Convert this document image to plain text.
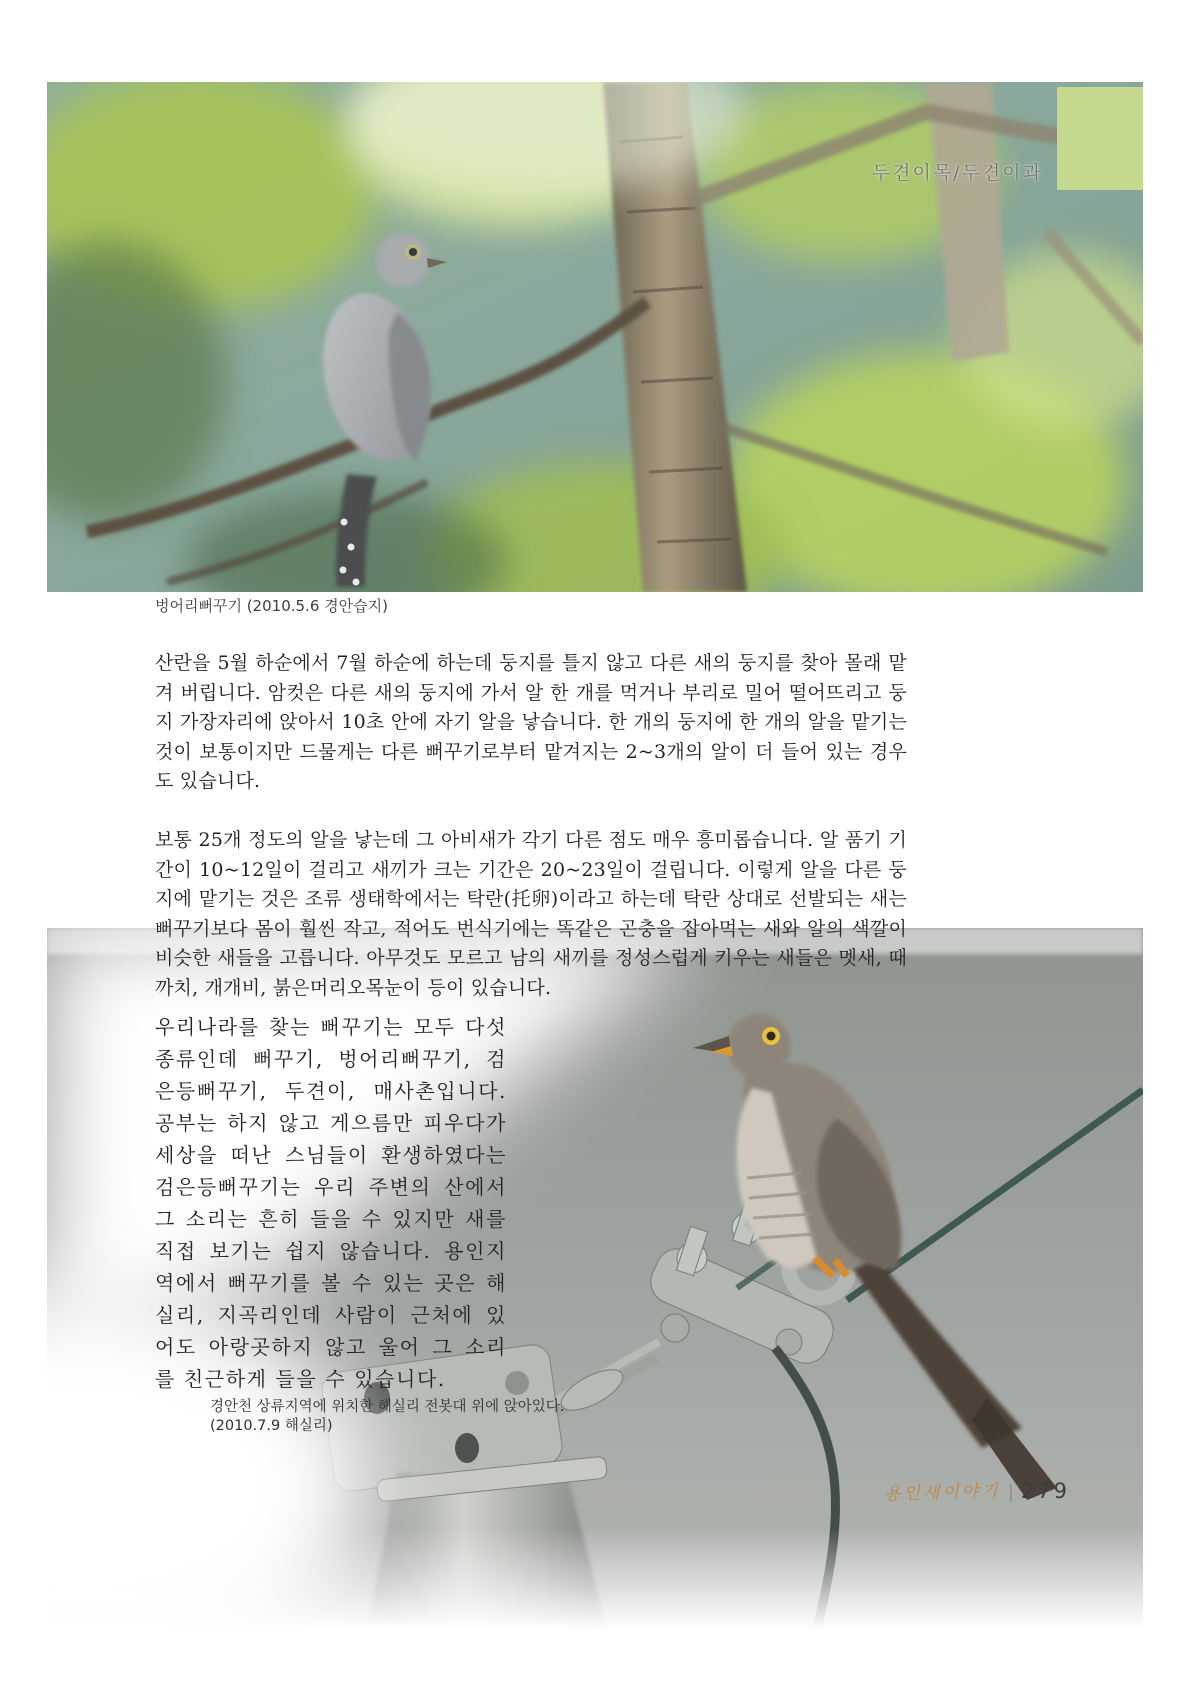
두견이목/두견이과
벙어리뻐꾸기 (2010.5.6 경안습지)

산란을 5월 하순에서 7월 하순에 하는데 둥지를 틀지 않고 다른 새의 둥지를 찾아 몰래 맡겨 버립니다. 암컷은 다른 새의 둥지에 가서 알 한 개를 먹거나 부리로 밀어 떨어뜨리고 둥지 가장자리에 앉아서 10초 안에 자기 알을 낳습니다. 한 개의 둥지에 한 개의 알을 맡기는 것이 보통이지만 드물게는 다른 뻐꾸기로부터 맡겨지는 2~3개의 알이 더 들어 있는 경우도 있습니다.

보통 25개 정도의 알을 낳는데 그 아비새가 각기 다른 점도 매우 흥미롭습니다. 알 품기 기간이 10~12일이 걸리고 새끼가 크는 기간은 20~23일이 걸립니다. 이렇게 알을 다른 둥지에 맡기는 것은 조류 생태학에서는 탁란(托卵)이라고 하는데 탁란 상대로 선발되는 새는 뻐꾸기보다 몸이 훨씬 작고, 적어도 번식기에는 똑같은 곤충을 잡아먹는 새와 알의 색깔이 비슷한 새들을 고릅니다. 아무것도 모르고 남의 새끼를 정성스럽게 키우는 새들은 멧새, 때까치, 개개비, 붉은머리오목눈이 등이 있습니다.

우리나라를 찾는 뻐꾸기는 모두 다섯 종류인데 뻐꾸기, 벙어리뻐꾸기, 검은등뻐꾸기, 두견이, 매사촌입니다. 공부는 하지 않고 게으름만 피우다가 세상을 떠난 스님들이 환생하였다는 검은등뻐꾸기는 우리 주변의 산에서 그 소리는 흔히 들을 수 있지만 새를 직접 보기는 쉽지 않습니다. 용인지역에서 뻐꾸기를 볼 수 있는 곳은 해실리, 지곡리인데 사람이 근처에 있어도 아랑곳하지 않고 울어 그 소리를 친근하게 들을 수 있습니다.

경안천 상류지역에 위치한 해실리 전봇대 위에 앉아있다.
(2010.7.9 해실리)
용인새이야기 | 279
